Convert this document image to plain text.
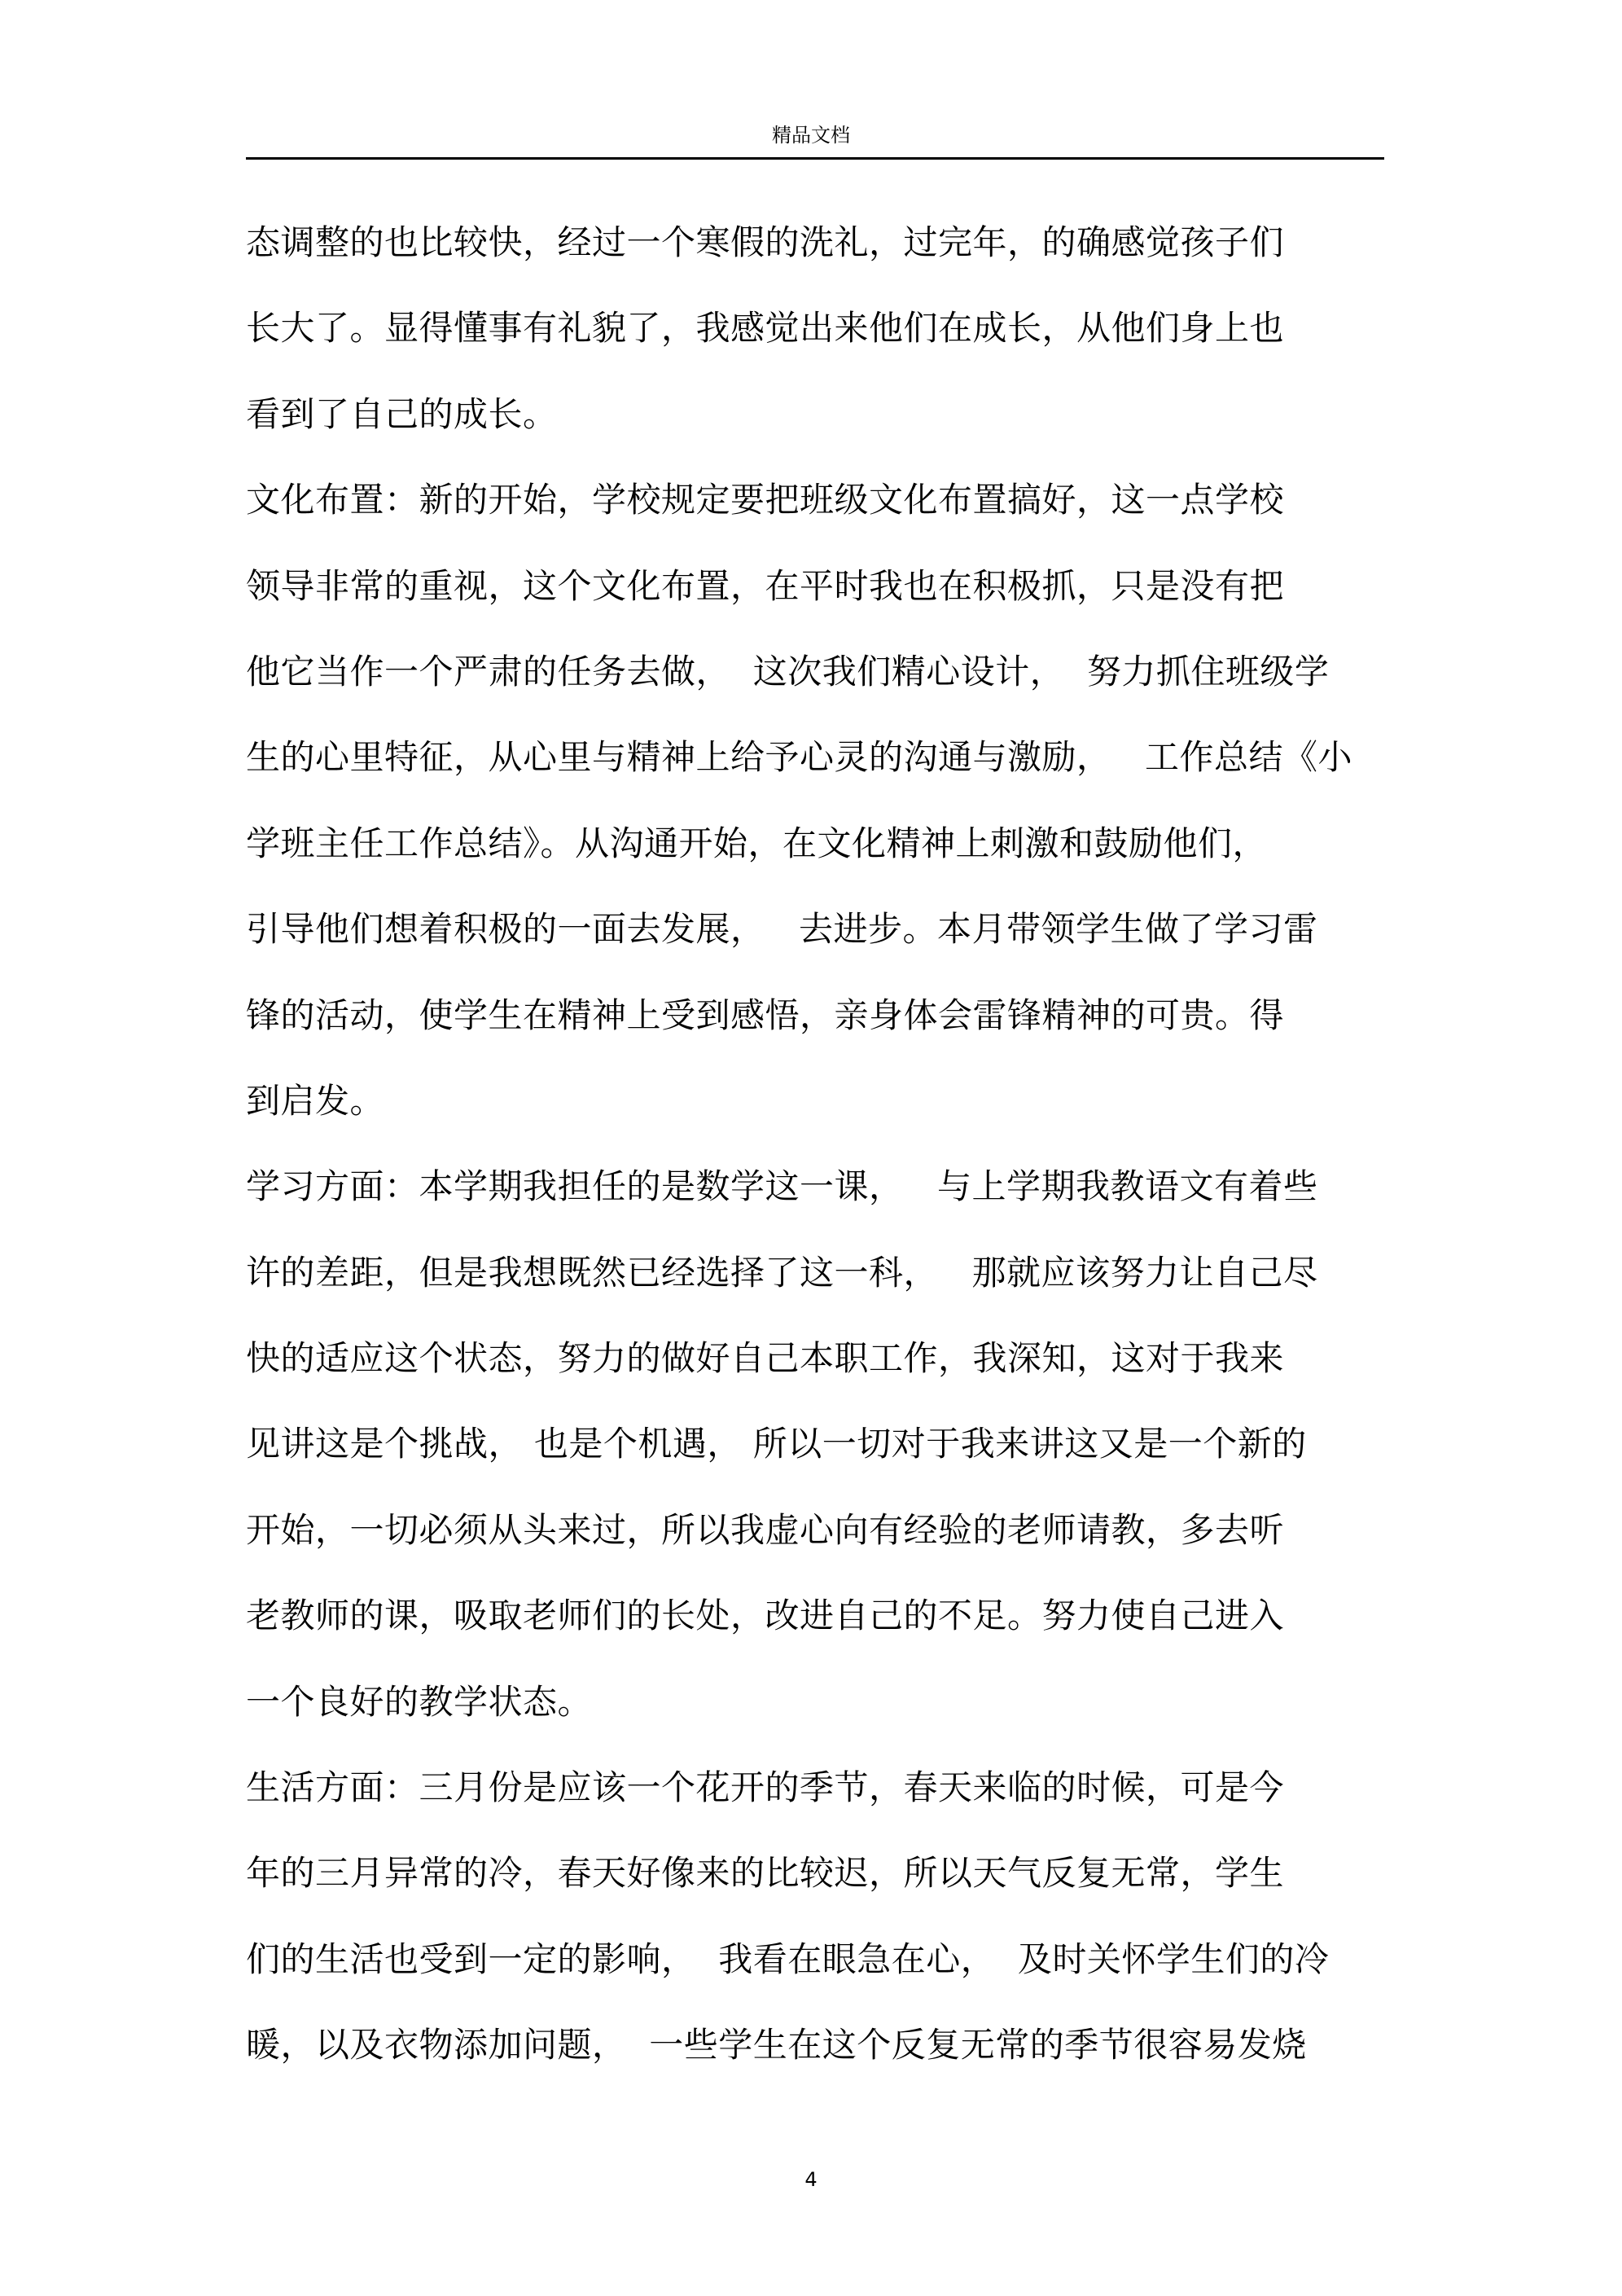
精品文档
态调整的也比较快，经过一个寒假的洗礼，过完年，的确感觉孩子们
长大了。显得懂事有礼貌了，我感觉出来他们在成长，从他们身上也
看到了自己的成长。
文化布置：新的开始，学校规定要把班级文化布置搞好，这一点学校
领导非常的重视，这个文化布置，在平时我也在积极抓，只是没有把
他它当作一个严肃的任务去做，  这次我们精心设计，  努力抓住班级学
生的心里特征，从心里与精神上给予心灵的沟通与激励，   工作总结《小
学班主任工作总结》。从沟通开始，在文化精神上刺激和鼓励他们，
引导他们想着积极的一面去发展，   去进步。本月带领学生做了学习雷
锋的活动，使学生在精神上受到感悟，亲身体会雷锋精神的可贵。得
到启发。
学习方面：本学期我担任的是数学这一课，   与上学期我教语文有着些
许的差距，但是我想既然已经选择了这一科，   那就应该努力让自己尽
快的适应这个状态，努力的做好自己本职工作，我深知，这对于我来
见讲这是个挑战， 也是个机遇， 所以一切对于我来讲这又是一个新的
开始，一切必须从头来过，所以我虚心向有经验的老师请教，多去听
老教师的课，吸取老师们的长处，改进自己的不足。努力使自己进入
一个良好的教学状态。
生活方面：三月份是应该一个花开的季节，春天来临的时候，可是今
年的三月异常的冷，春天好像来的比较迟，所以天气反复无常，学生
们的生活也受到一定的影响，  我看在眼急在心，  及时关怀学生们的冷
暖，以及衣物添加问题，  一些学生在这个反复无常的季节很容易发烧
4
